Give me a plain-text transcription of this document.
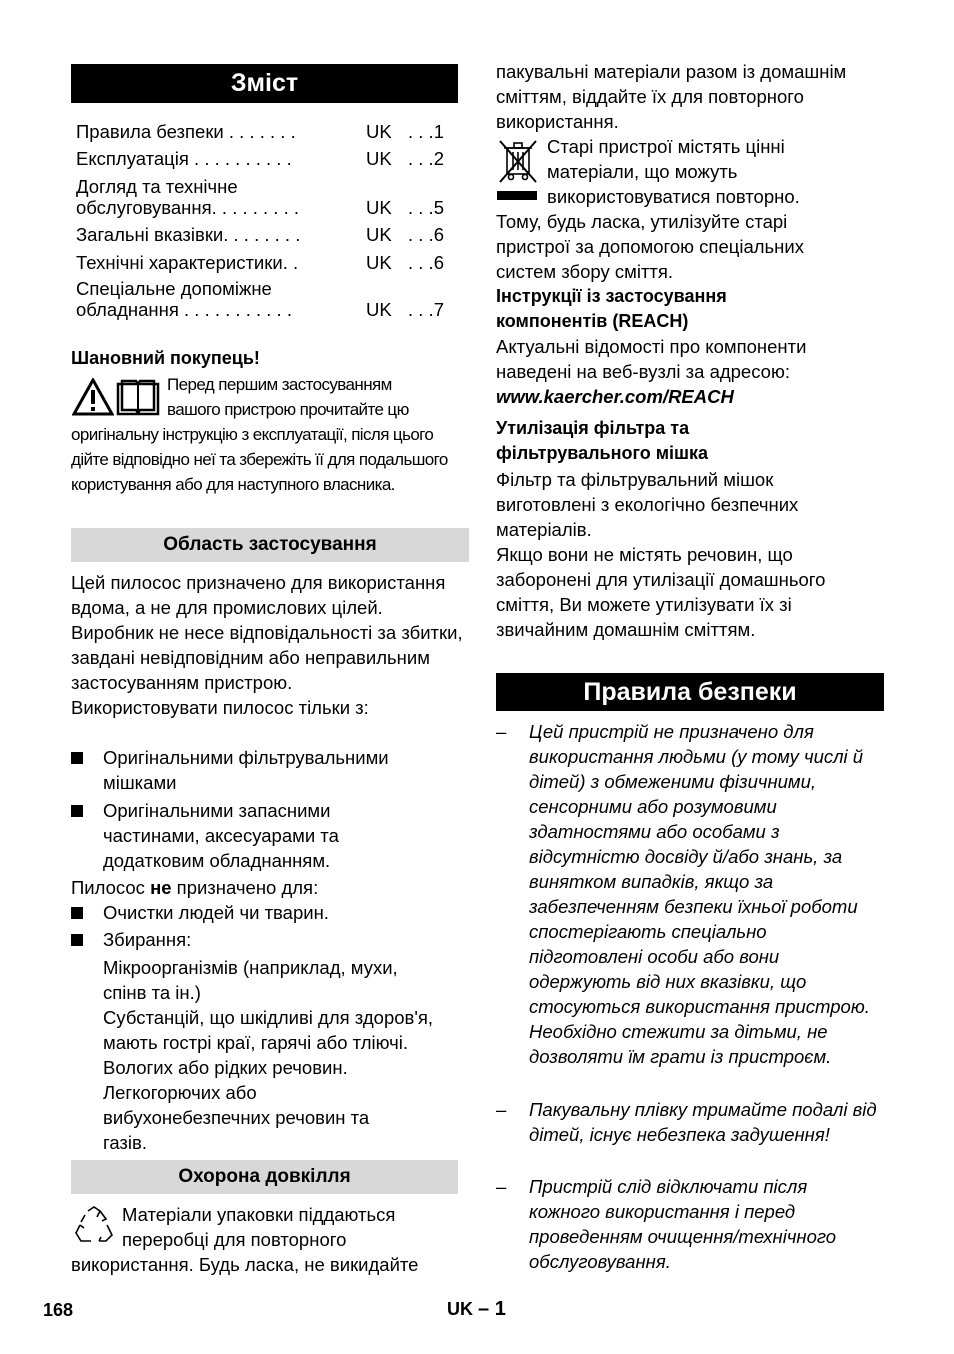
Зміст
Правила безпеки . . . . . . .	UK . . .1
Експлуатація . . . . . . . . . .	UK . . .2
Догляд та технічне
обслуговування. . . . . . . . .	UK . . .5
Загальні вказівки. . . . . . . .	UK . . .6
Технічні характеристики. .	UK . . .6
Спеціальне допоміжне
обладнання . . . . . . . . . . .	UK . . .7
Шановний покупець!
Перед першим застосуванням
вашого пристрою прочитайте цю
оригінальну інструкцію з експлуатації, після цього дійте відповідно неї та збережіть її для подальшого користування або для наступного власника.
Область застосування

Цей пилосос призначено для використання вдома, а не для промислових цілей.

Виробник не несе відповідальності за збитки, завдані невідповідним або неправильним застосуванням пристрою.

Використовувати пилосос тільки з:

Оригінальними фільтрувальними мішками

Оригінальними запасними частинами, аксесуарами та додатковим обладнанням.

Пилосос не призначено для:

Очистки людей чи тварин.

Збирання:

Мікроорганізмів (наприклад, мухи, спінв та ін.)

Субстанцій, що шкідливі для здоров'я, мають гострі краї, гарячі або тліючі.

Вологих або рідких речовин.

Легкогорючих або вибухонебезпечних речовин та газів.

Охорона довкілля

Матеріали упаковки піддаються

переробці для повторного

використання. Будь ласка, не викидайте

пакувальні матеріали разом із домашнім сміттям, віддайте їх для повторного використання.

Старі пристрої містять цінні

матеріали, що можуть

використовуватися повторно.

Тому, будь ласка, утилізуйте старі пристрої за допомогою спеціальних систем збору сміття.

Інструкції із застосування компонентів (REACH)

Актуальні відомості про компоненти наведені на веб-вузлі за адресою:

www.kaercher.com/REACH

Утилізація фільтра та фільтрувального мішка

Фільтр та фільтрувальний мішок виготовлені з екологічно безпечних матеріалів.

Якщо вони не містять речовин, що заборонені для утилізації домашнього сміття, Ви можете утилізувати їх зі звичайним домашнім сміттям.

Правила безпеки
–	Цей пристрій не призначено для використання людьми (у тому числі й дітей) з обмеженими фізичними, сенсорними або розумовими здатностями або особами з відсутністю досвіду й/або знань, за винятком випадків, якщо за забезпеченням безпеки їхньої роботи спостерігають спеціально підготовлені особи або вони одержують від них вказівки, що стосуються використання пристрою. Необхідно стежити за дітьми, не дозволяти їм грати із пристроєм.

–	Пакувальну плівку тримайте подалі від дітей, існує небезпека задушення!

–	Пристрій слід відключати після кожного використання і перед проведенням очищення/технічного обслуговування.

168	UK – 1
